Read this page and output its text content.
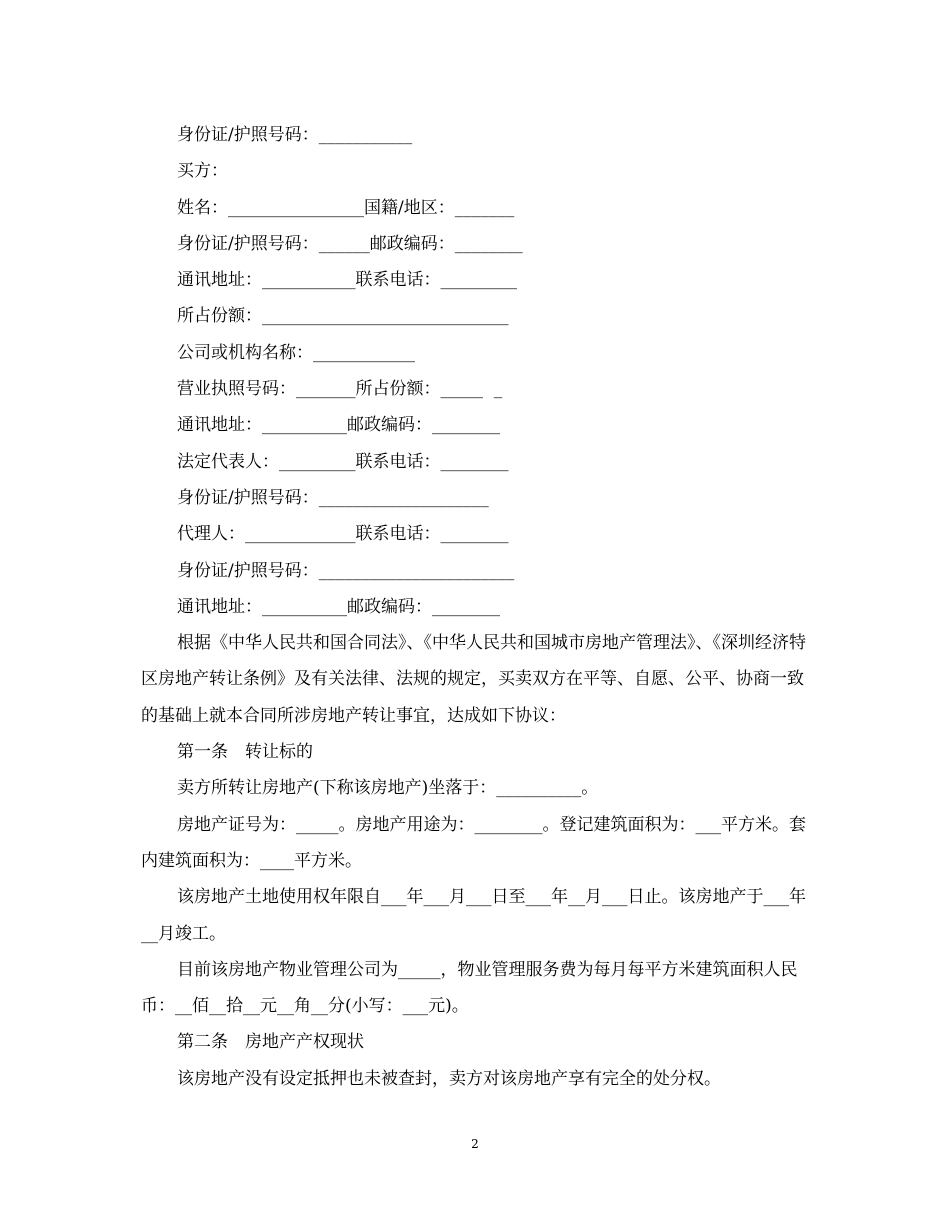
身份证/护照号码：___________
买方：
姓名：________________国籍/地区：_______
身份证/护照号码：______邮政编码：________
通讯地址：___________联系电话：_________
所占份额：_____________________________
公司或机构名称：____________
营业执照号码：_______所占份额：_____  _
通讯地址：__________邮政编码：________
法定代表人：_________联系电话：________
身份证/护照号码：____________________
代理人：_____________联系电话：________
身份证/护照号码：_______________________
通讯地址：__________邮政编码：________

根据《中华人民共和国合同法》、《中华人民共和国城市房地产管理法》、《深圳经济特区房地产转让条例》及有关法律、法规的规定，买卖双方在平等、自愿、公平、协商一致的基础上就本合同所涉房地产转让事宜，达成如下协议：

第一条　转让标的

卖方所转让房地产(下称该房地产)坐落于：__________。

房地产证号为：_____。房地产用途为：________。登记建筑面积为：___平方米。套内建筑面积为：____平方米。

该房地产土地使用权年限自___年___月___日至___年__月___日止。该房地产于___年__月竣工。

目前该房地产物业管理公司为_____，物业管理服务费为每月每平方米建筑面积人民币：__佰__拾__元__角__分(小写：___元)。

第二条　房地产产权现状

该房地产没有设定抵押也未被查封，卖方对该房地产享有完全的处分权。

2
